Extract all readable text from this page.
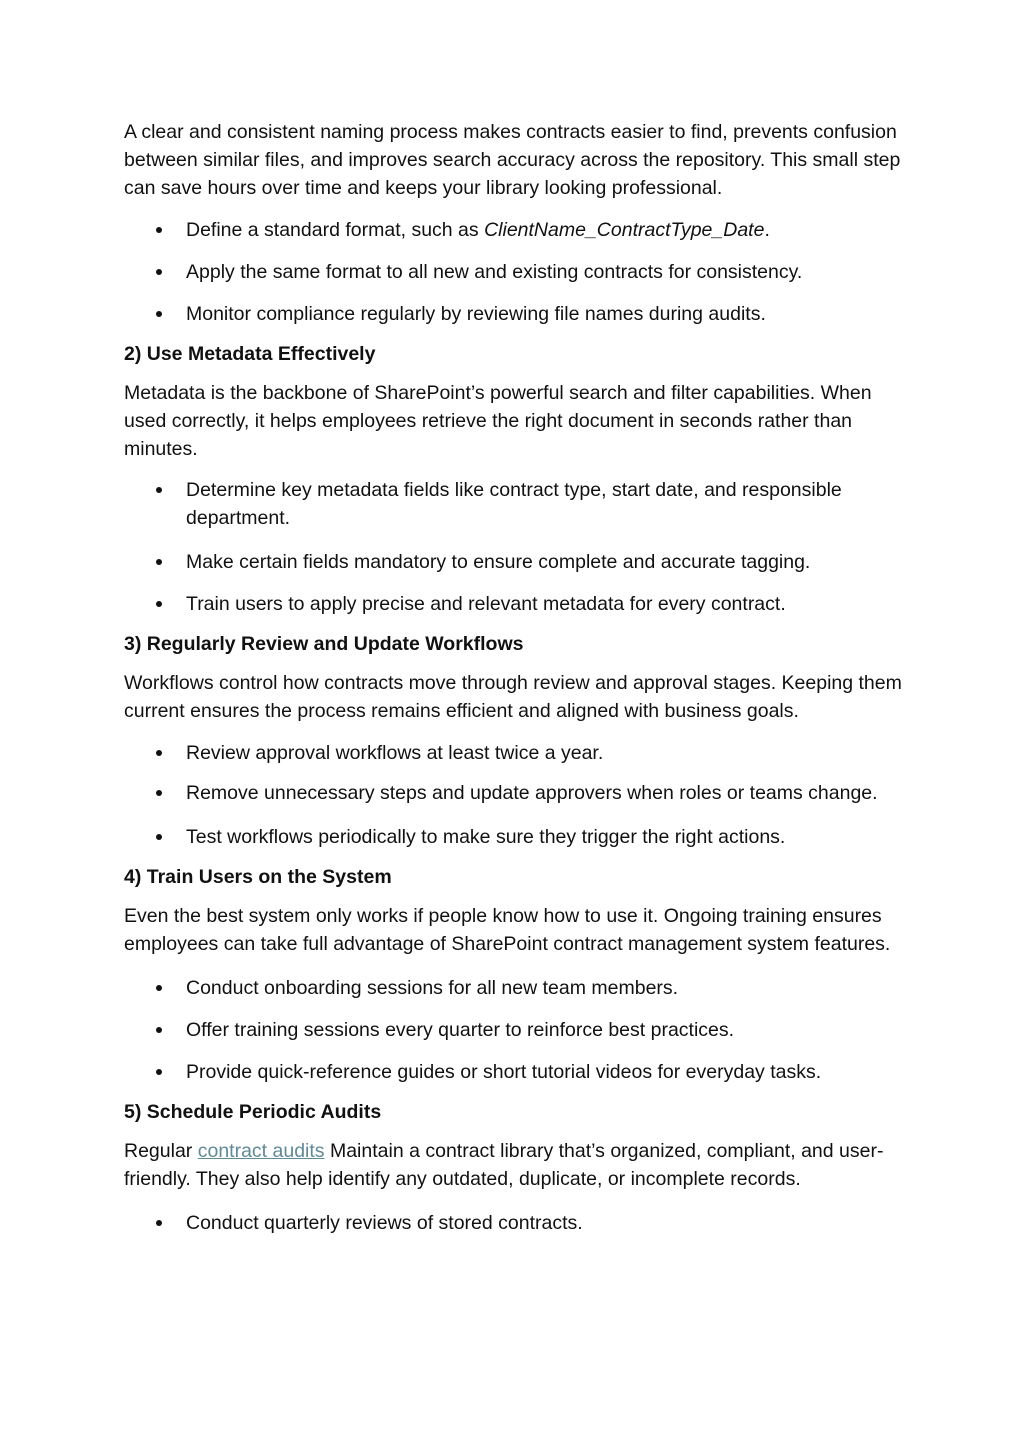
A clear and consistent naming process makes contracts easier to find, prevents confusion between similar files, and improves search accuracy across the repository. This small step can save hours over time and keeps your library looking professional.

Define a standard format, such as ClientName_ContractType_Date.
Apply the same format to all new and existing contracts for consistency.
Monitor compliance regularly by reviewing file names during audits.
2) Use Metadata Effectively

Metadata is the backbone of SharePoint’s powerful search and filter capabilities. When used correctly, it helps employees retrieve the right document in seconds rather than minutes.

Determine key metadata fields like contract type, start date, and responsible department.
Make certain fields mandatory to ensure complete and accurate tagging.
Train users to apply precise and relevant metadata for every contract.
3) Regularly Review and Update Workflows

Workflows control how contracts move through review and approval stages. Keeping them current ensures the process remains efficient and aligned with business goals.

Review approval workflows at least twice a year.
Remove unnecessary steps and update approvers when roles or teams change.
Test workflows periodically to make sure they trigger the right actions.
4) Train Users on the System

Even the best system only works if people know how to use it. Ongoing training ensures employees can take full advantage of SharePoint contract management system features.

Conduct onboarding sessions for all new team members.
Offer training sessions every quarter to reinforce best practices.
Provide quick-reference guides or short tutorial videos for everyday tasks.
5) Schedule Periodic Audits

Regular contract audits Maintain a contract library that’s organized, compliant, and user-friendly. They also help identify any outdated, duplicate, or incomplete records.

Conduct quarterly reviews of stored contracts.
